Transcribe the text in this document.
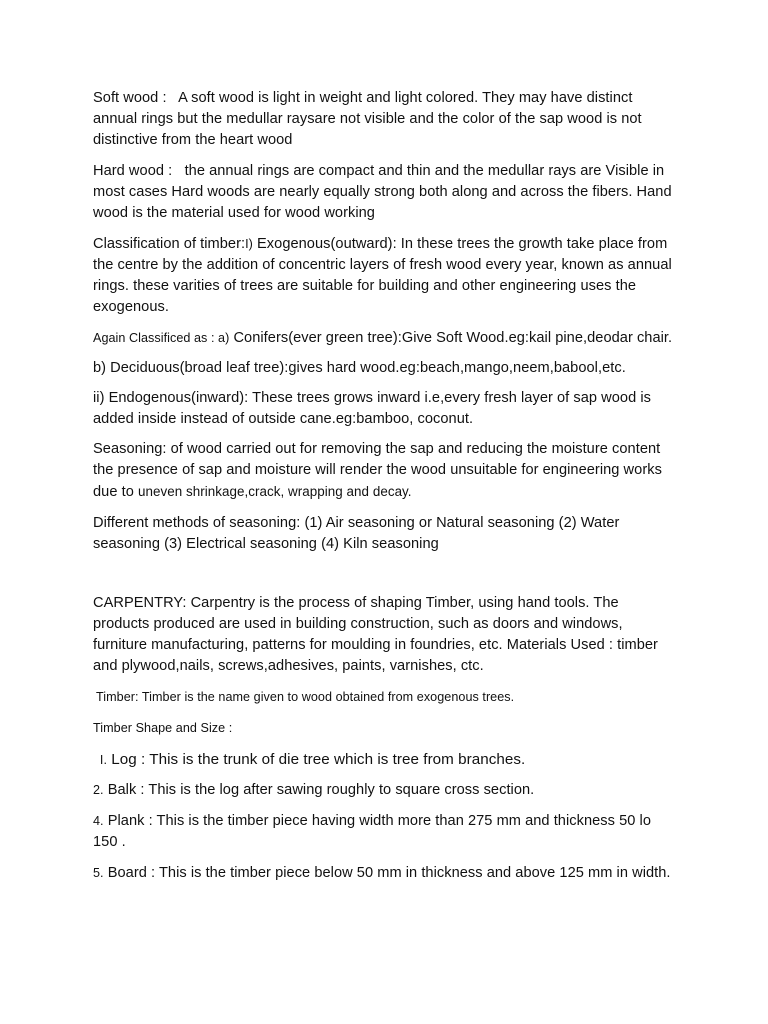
Soft wood : A soft wood is light in weight and light colored. They may have distinct annual rings but the medullar raysare not visible and the color of the sap wood is not distinctive from the heart wood

Hard wood : the annual rings are compact and thin and the medullar rays are Visible in most cases Hard woods are nearly equally strong both along and across the fibers. Hand wood is the material used for wood working

Classification of timber:I) Exogenous(outward): In these trees the growth take place from the centre by the addition of concentric layers of fresh wood every year, known as annual rings. these varities of trees are suitable for building and other engineering uses the exogenous.

Again Classificed as : a) Conifers(ever green tree):Give Soft Wood.eg:kail pine,deodar chair.

b) Deciduous(broad leaf tree):gives hard wood.eg:beach,mango,neem,babool,etc.

ii) Endogenous(inward): These trees grows inward i.e,every fresh layer of sap wood is added inside instead of outside cane.eg:bamboo, coconut.

Seasoning: of wood carried out for removing the sap and reducing the moisture content the presence of sap and moisture will render the wood unsuitable for engineering works due to uneven shrinkage,crack, wrapping and decay.

Different methods of seasoning: (1) Air seasoning or Natural seasoning (2) Water seasoning (3) Electrical seasoning (4) Kiln seasoning

CARPENTRY: Carpentry is the process of shaping Timber, using hand tools. The products produced are used in building construction, such as doors and windows, furniture manufacturing, patterns for moulding in foundries, etc. Materials Used : timber and plywood,nails, screws,adhesives, paints, varnishes, ctc.

Timber: Timber is the name given to wood obtained from exogenous trees.

Timber Shape and Size :

I. Log : This is the trunk of die tree which is tree from branches.

2. Balk : This is the log after sawing roughly to square cross section.

4. Plank : This is the timber piece having width more than 275 mm and thickness 50 lo 150 .

5. Board : This is the timber piece below 50 mm in thickness and above 125 mm in width.
